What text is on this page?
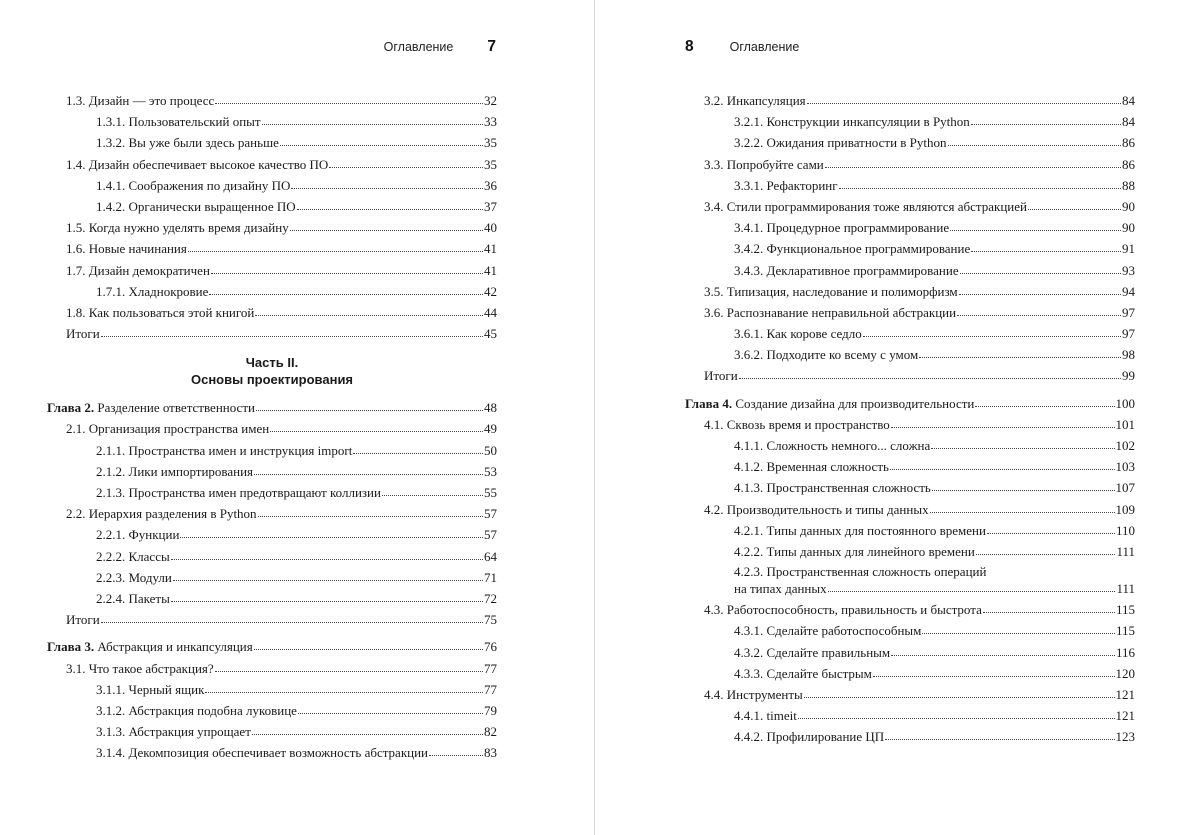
Оглавление 7
1.3. Дизайн — это процесс	32
1.3.1. Пользовательский опыт	33
1.3.2. Вы уже были здесь раньше	35
1.4. Дизайн обеспечивает высокое качество ПО	35
1.4.1. Соображения по дизайну ПО	36
1.4.2. Органически выращенное ПО	37
1.5. Когда нужно уделять время дизайну	40
1.6. Новые начинания	41
1.7. Дизайн демократичен	41
1.7.1. Хладнокровие	42
1.8. Как пользоваться этой книгой	44
Итоги	45
Часть II.
Основы проектирования
Глава 2. Разделение ответственности	48
2.1. Организация пространства имен	49
2.1.1. Пространства имен и инструкция import	50
2.1.2. Лики импортирования	53
2.1.3. Пространства имен предотвращают коллизии	55
2.2. Иерархия разделения в Python	57
2.2.1. Функции	57
2.2.2. Классы	64
2.2.3. Модули	71
2.2.4. Пакеты	72
Итоги	75
Глава 3. Абстракция и инкапсуляция	76
3.1. Что такое абстракция?	77
3.1.1. Черный ящик	77
3.1.2. Абстракция подобна луковице	79
3.1.3. Абстракция упрощает	82
3.1.4. Декомпозиция обеспечивает возможность абстракции	83
8	Оглавление
3.2. Инкапсуляция	84
3.2.1. Конструкции инкапсуляции в Python	84
3.2.2. Ожидания приватности в Python	86
3.3. Попробуйте сами	86
3.3.1. Рефакторинг	88
3.4. Стили программирования тоже являются абстракцией	90
3.4.1. Процедурное программирование	90
3.4.2. Функциональное программирование	91
3.4.3. Декларативное программирование	93
3.5. Типизация, наследование и полиморфизм	94
3.6. Распознавание неправильной абстракции	97
3.6.1. Как корове седло	97
3.6.2. Подходите ко всему с умом	98
Итоги	99
Глава 4. Создание дизайна для производительности	100
4.1. Сквозь время и пространство	101
4.1.1. Сложность немного... сложна	102
4.1.2. Временная сложность	103
4.1.3. Пространственная сложность	107
4.2. Производительность и типы данных	109
4.2.1. Типы данных для постоянного времени	110
4.2.2. Типы данных для линейного времени	111
4.2.3. Пространственная сложность операций
на типах данных	111
4.3. Работоспособность, правильность и быстрота	115
4.3.1. Сделайте работоспособным	115
4.3.2. Сделайте правильным	116
4.3.3. Сделайте быстрым	120
4.4. Инструменты	121
4.4.1. timeit	121
4.4.2. Профилирование ЦП	123
